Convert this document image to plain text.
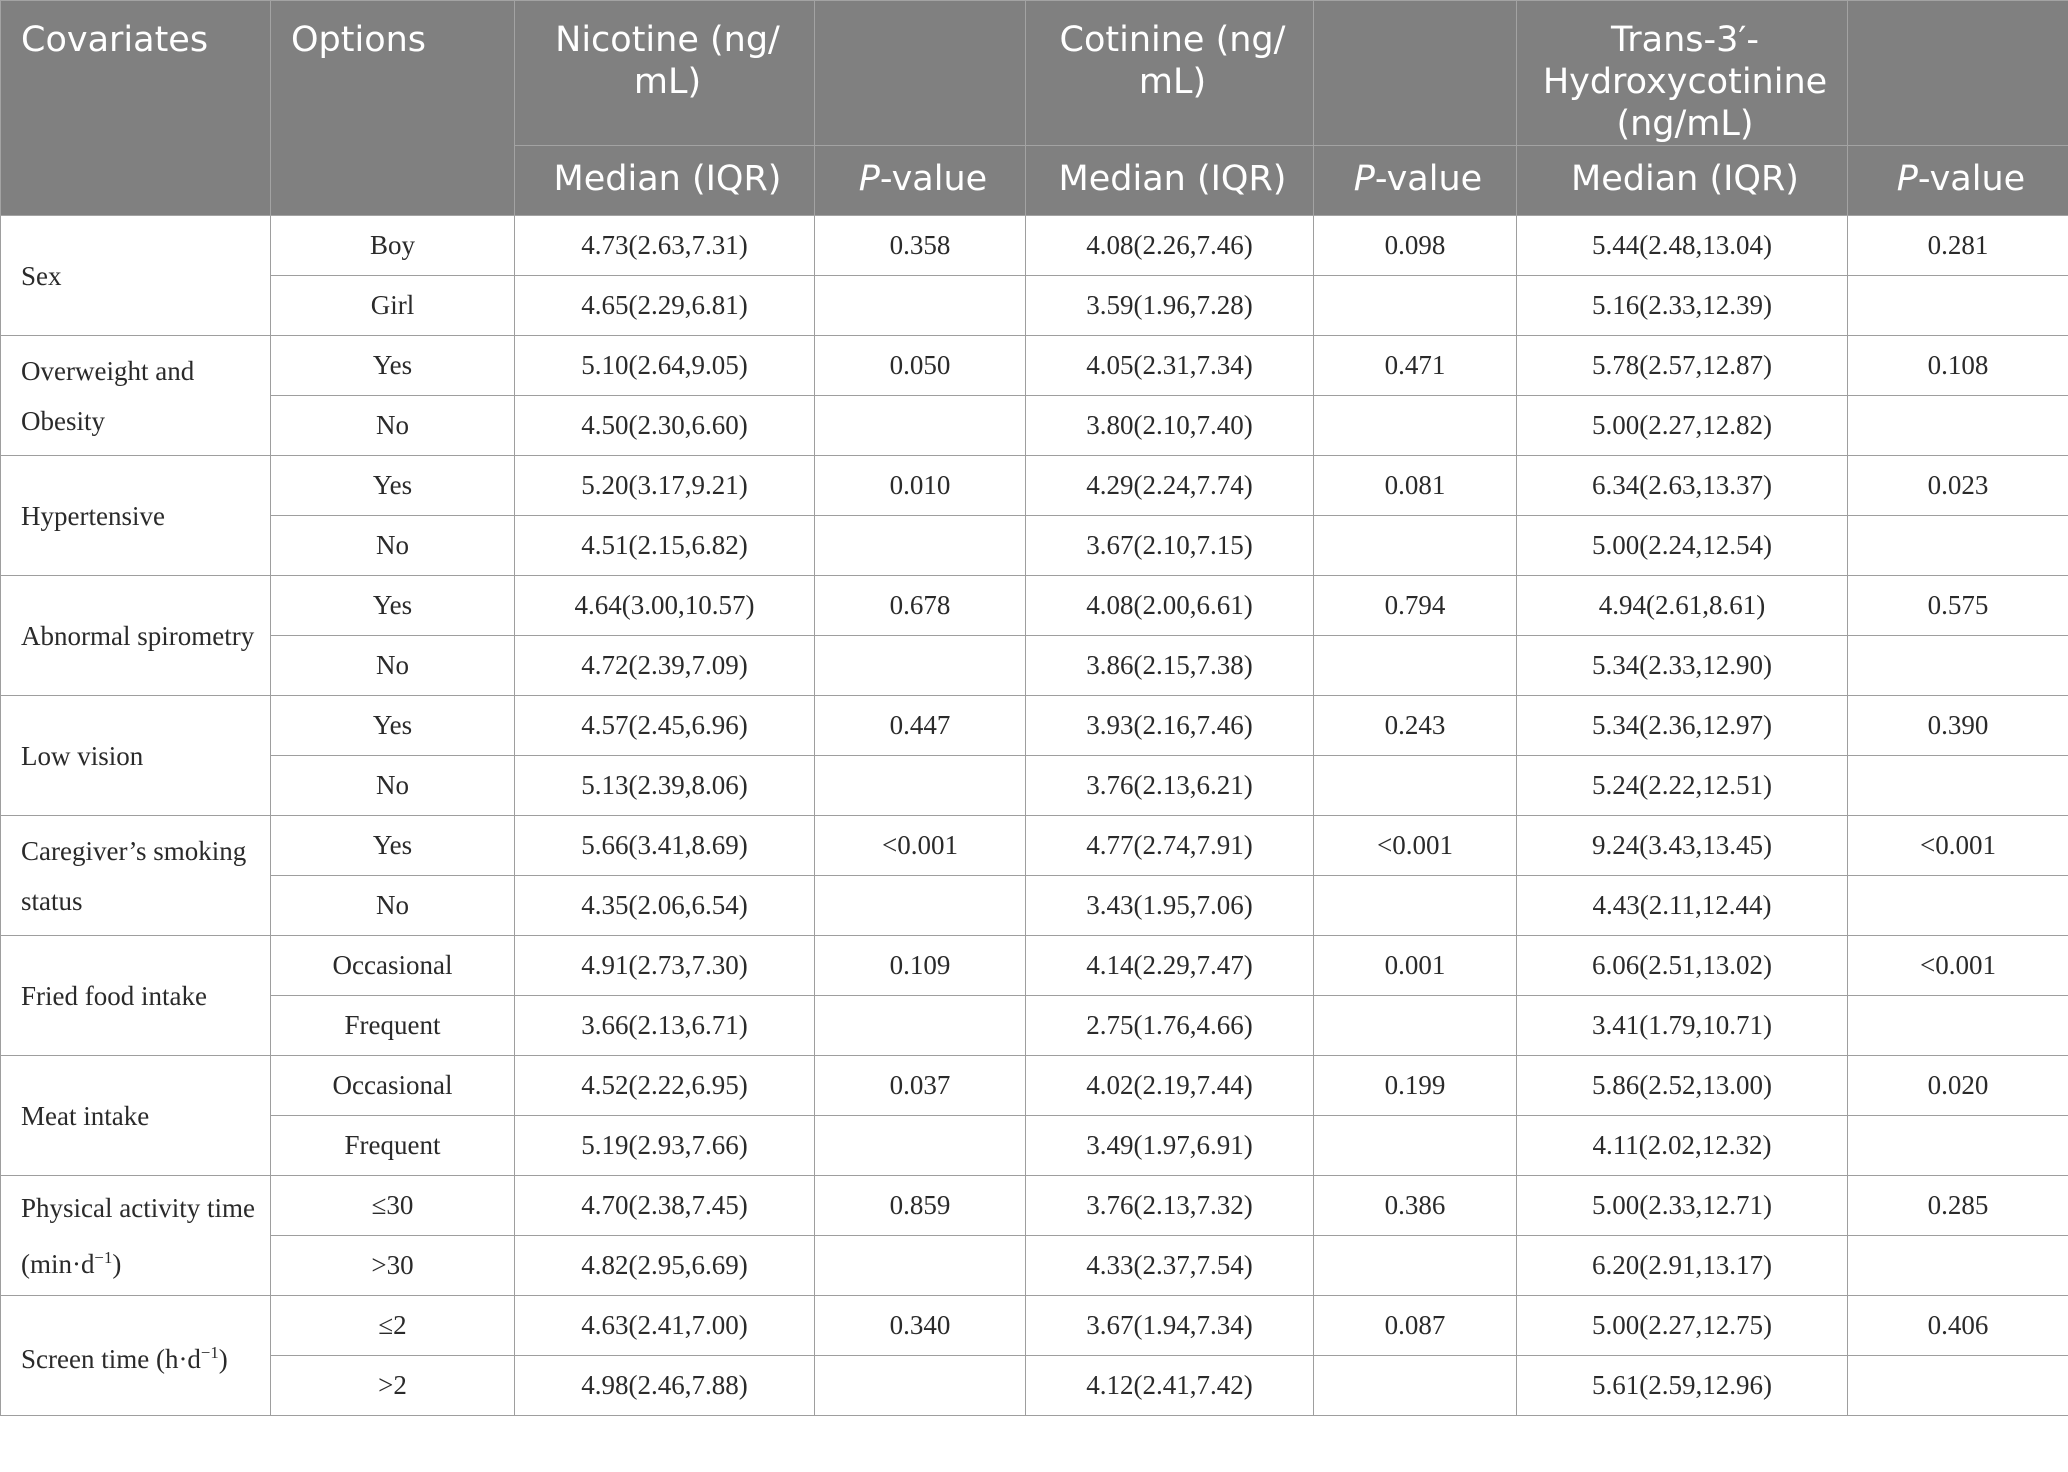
Covariates	Options	Nicotine (ng/ mL)		Cotinine (ng/ mL)		Trans-3′-Hydroxycotinine (ng/mL)	
		Median (IQR)	P-value	Median (IQR)	P-value	Median (IQR)	P-value
Sex	Boy	4.73(2.63,7.31)	0.358	4.08(2.26,7.46)	0.098	5.44(2.48,13.04)	0.281
	Girl	4.65(2.29,6.81)		3.59(1.96,7.28)		5.16(2.33,12.39)	
Overweight and Obesity	Yes	5.10(2.64,9.05)	0.050	4.05(2.31,7.34)	0.471	5.78(2.57,12.87)	0.108
	No	4.50(2.30,6.60)		3.80(2.10,7.40)		5.00(2.27,12.82)	
Hypertensive	Yes	5.20(3.17,9.21)	0.010	4.29(2.24,7.74)	0.081	6.34(2.63,13.37)	0.023
	No	4.51(2.15,6.82)		3.67(2.10,7.15)		5.00(2.24,12.54)	
Abnormal spirometry	Yes	4.64(3.00,10.57)	0.678	4.08(2.00,6.61)	0.794	4.94(2.61,8.61)	0.575
	No	4.72(2.39,7.09)		3.86(2.15,7.38)		5.34(2.33,12.90)	
Low vision	Yes	4.57(2.45,6.96)	0.447	3.93(2.16,7.46)	0.243	5.34(2.36,12.97)	0.390
	No	5.13(2.39,8.06)		3.76(2.13,6.21)		5.24(2.22,12.51)	
Caregiver’s smoking status	Yes	5.66(3.41,8.69)	<0.001	4.77(2.74,7.91)	<0.001	9.24(3.43,13.45)	<0.001
	No	4.35(2.06,6.54)		3.43(1.95,7.06)		4.43(2.11,12.44)	
Fried food intake	Occasional	4.91(2.73,7.30)	0.109	4.14(2.29,7.47)	0.001	6.06(2.51,13.02)	<0.001
	Frequent	3.66(2.13,6.71)		2.75(1.76,4.66)		3.41(1.79,10.71)	
Meat intake	Occasional	4.52(2.22,6.95)	0.037	4.02(2.19,7.44)	0.199	5.86(2.52,13.00)	0.020
	Frequent	5.19(2.93,7.66)		3.49(1.97,6.91)		4.11(2.02,12.32)	
Physical activity time $(\min\cdot d^{-1})$	≤30	4.70(2.38,7.45)	0.859	3.76(2.13,7.32)	0.386	5.00(2.33,12.71)	0.285
	>30	4.82(2.95,6.69)		4.33(2.37,7.54)		6.20(2.91,13.17)	
Screen time $(h\cdot d^{-1})$	≤2	4.63(2.41,7.00)	0.340	3.67(1.94,7.34)	0.087	5.00(2.27,12.75)	0.406
	>2	4.98(2.46,7.88)		4.12(2.41,7.42)		5.61(2.59,12.96)	
